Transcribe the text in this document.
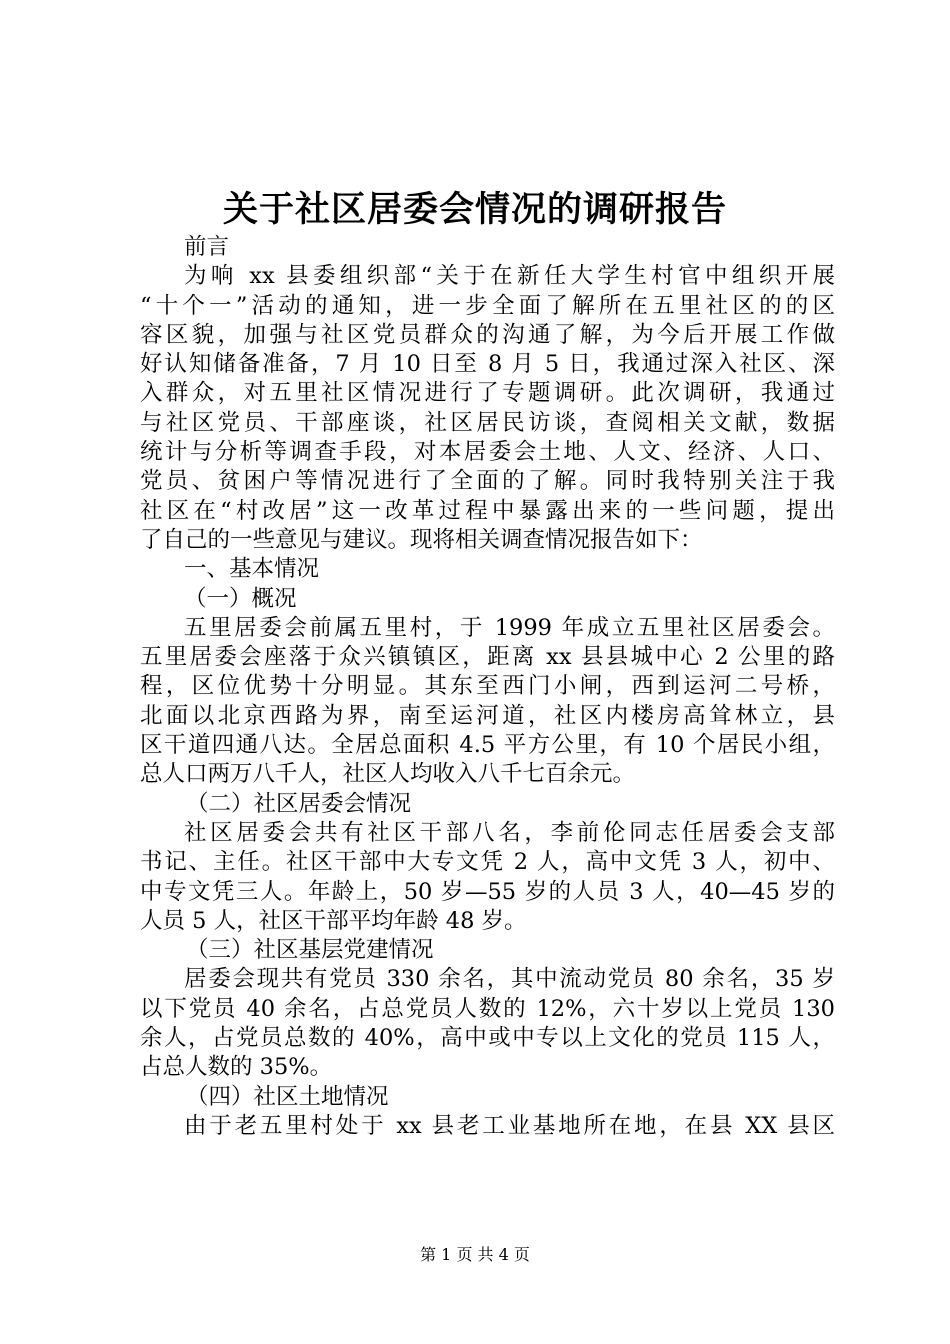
关于社区居委会情况的调研报告
前言
为响 xx 县委组织部“关于在新任大学生村官中组织开展
“十个一”活动的通知，进一步全面了解所在五里社区的的区
容区貌，加强与社区党员群众的沟通了解，为今后开展工作做
好认知储备准备，7 月 10 日至 8 月 5 日，我通过深入社区、深
入群众，对五里社区情况进行了专题调研。此次调研，我通过
与社区党员、干部座谈，社区居民访谈，查阅相关文献，数据
统计与分析等调查手段，对本居委会土地、人文、经济、人口、
党员、贫困户等情况进行了全面的了解。同时我特别关注于我
社区在“村改居”这一改革过程中暴露出来的一些问题，提出
了自己的一些意见与建议。现将相关调查情况报告如下：
一、基本情况
（一）概况
五里居委会前属五里村，于 1999 年成立五里社区居委会。
五里居委会座落于众兴镇镇区，距离 xx 县县城中心 2 公里的路
程，区位优势十分明显。其东至西门小闸，西到运河二号桥，
北面以北京西路为界，南至运河道，社区内楼房高耸林立，县
区干道四通八达。全居总面积 4.5 平方公里，有 10 个居民小组，
总人口两万八千人，社区人均收入八千七百余元。
（二）社区居委会情况
社区居委会共有社区干部八名，李前伦同志任居委会支部
书记、主任。社区干部中大专文凭 2 人，高中文凭 3 人，初中、
中专文凭三人。年龄上，50 岁—55 岁的人员 3 人，40—45 岁的
人员 5 人，社区干部平均年龄 48 岁。
（三）社区基层党建情况
居委会现共有党员 330 余名，其中流动党员 80 余名，35 岁
以下党员 40 余名，占总党员人数的 12%，六十岁以上党员 130
余人，占党员总数的 40%，高中或中专以上文化的党员 115 人，
占总人数的 35%。
（四）社区土地情况
由于老五里村处于 xx 县老工业基地所在地，在县 XX 县区
第 1 页 共 4 页
